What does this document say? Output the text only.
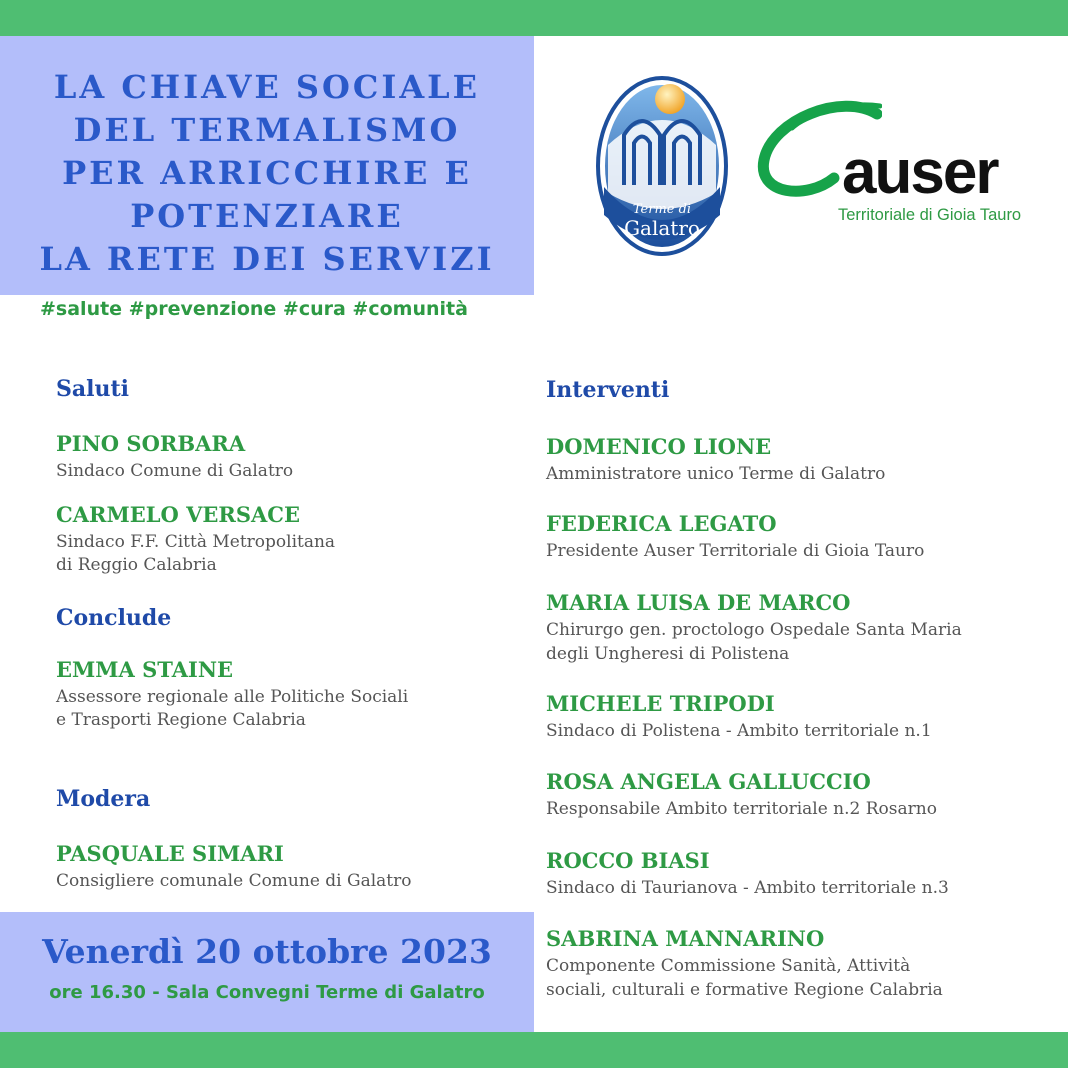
LA CHIAVE SOCIALE
DEL TERMALISMO
PER ARRICCHIRE E
POTENZIARE
LA RETE DEI SERVIZI
#salute #prevenzione #cura #comunità
Terme di
Galatro
auser
Territoriale di Gioia Tauro
Saluti
PINO SORBARA
Sindaco Comune di Galatro
CARMELO VERSACE
Sindaco F.F. Città Metropolitana
di Reggio Calabria
Conclude
EMMA STAINE
Assessore regionale alle Politiche Sociali
e Trasporti Regione Calabria
Modera
PASQUALE SIMARI
Consigliere comunale Comune di Galatro
Interventi
DOMENICO LIONE
Amministratore unico Terme di Galatro
FEDERICA LEGATO
Presidente Auser Territoriale di Gioia Tauro
MARIA LUISA DE MARCO
Chirurgo gen. proctologo Ospedale Santa Maria
degli Ungheresi di Polistena
MICHELE TRIPODI
Sindaco di Polistena - Ambito territoriale n.1
ROSA ANGELA GALLUCCIO
Responsabile Ambito territoriale n.2 Rosarno
ROCCO BIASI
Sindaco di Taurianova - Ambito territoriale n.3
SABRINA MANNARINO
Componente Commissione Sanità, Attività
sociali, culturali e formative Regione Calabria
Venerdì 20 ottobre 2023
ore 16.30 - Sala Convegni Terme di Galatro
